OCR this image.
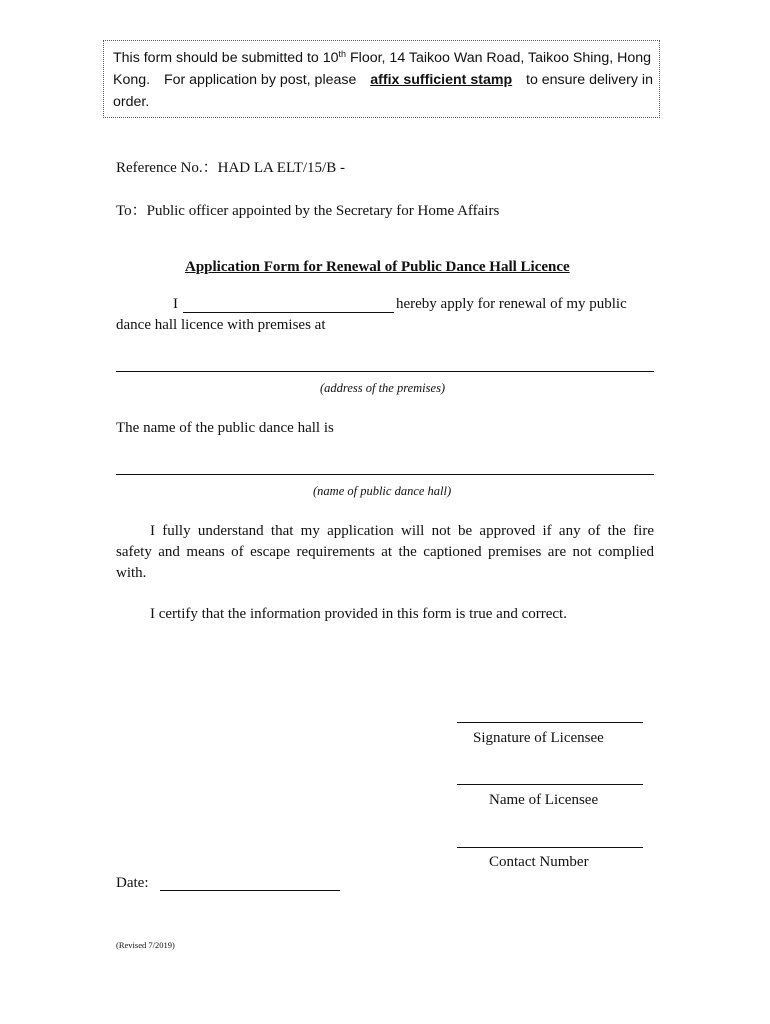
This form should be submitted to 10th Floor, 14 Taikoo Wan Road, Taikoo Shing, Hong
Kong. For application by post, please affix sufficient stamp to ensure delivery in
order.
Reference No.：HAD LA ELT/15/B -
To：Public officer appointed by the Secretary for Home Affairs
Application Form for Renewal of Public Dance Hall Licence
I	hereby apply for renewal of my public
dance hall licence with premises at
(address of the premises)
The name of the public dance hall is
(name of public dance hall)
I fully understand that my application will not be approved if any of the fire
safety and means of escape requirements at the captioned premises are not complied
with.
I certify that the information provided in this form is true and correct.
Signature of Licensee
Name of Licensee
Contact Number
Date:
(Revised 7/2019)
